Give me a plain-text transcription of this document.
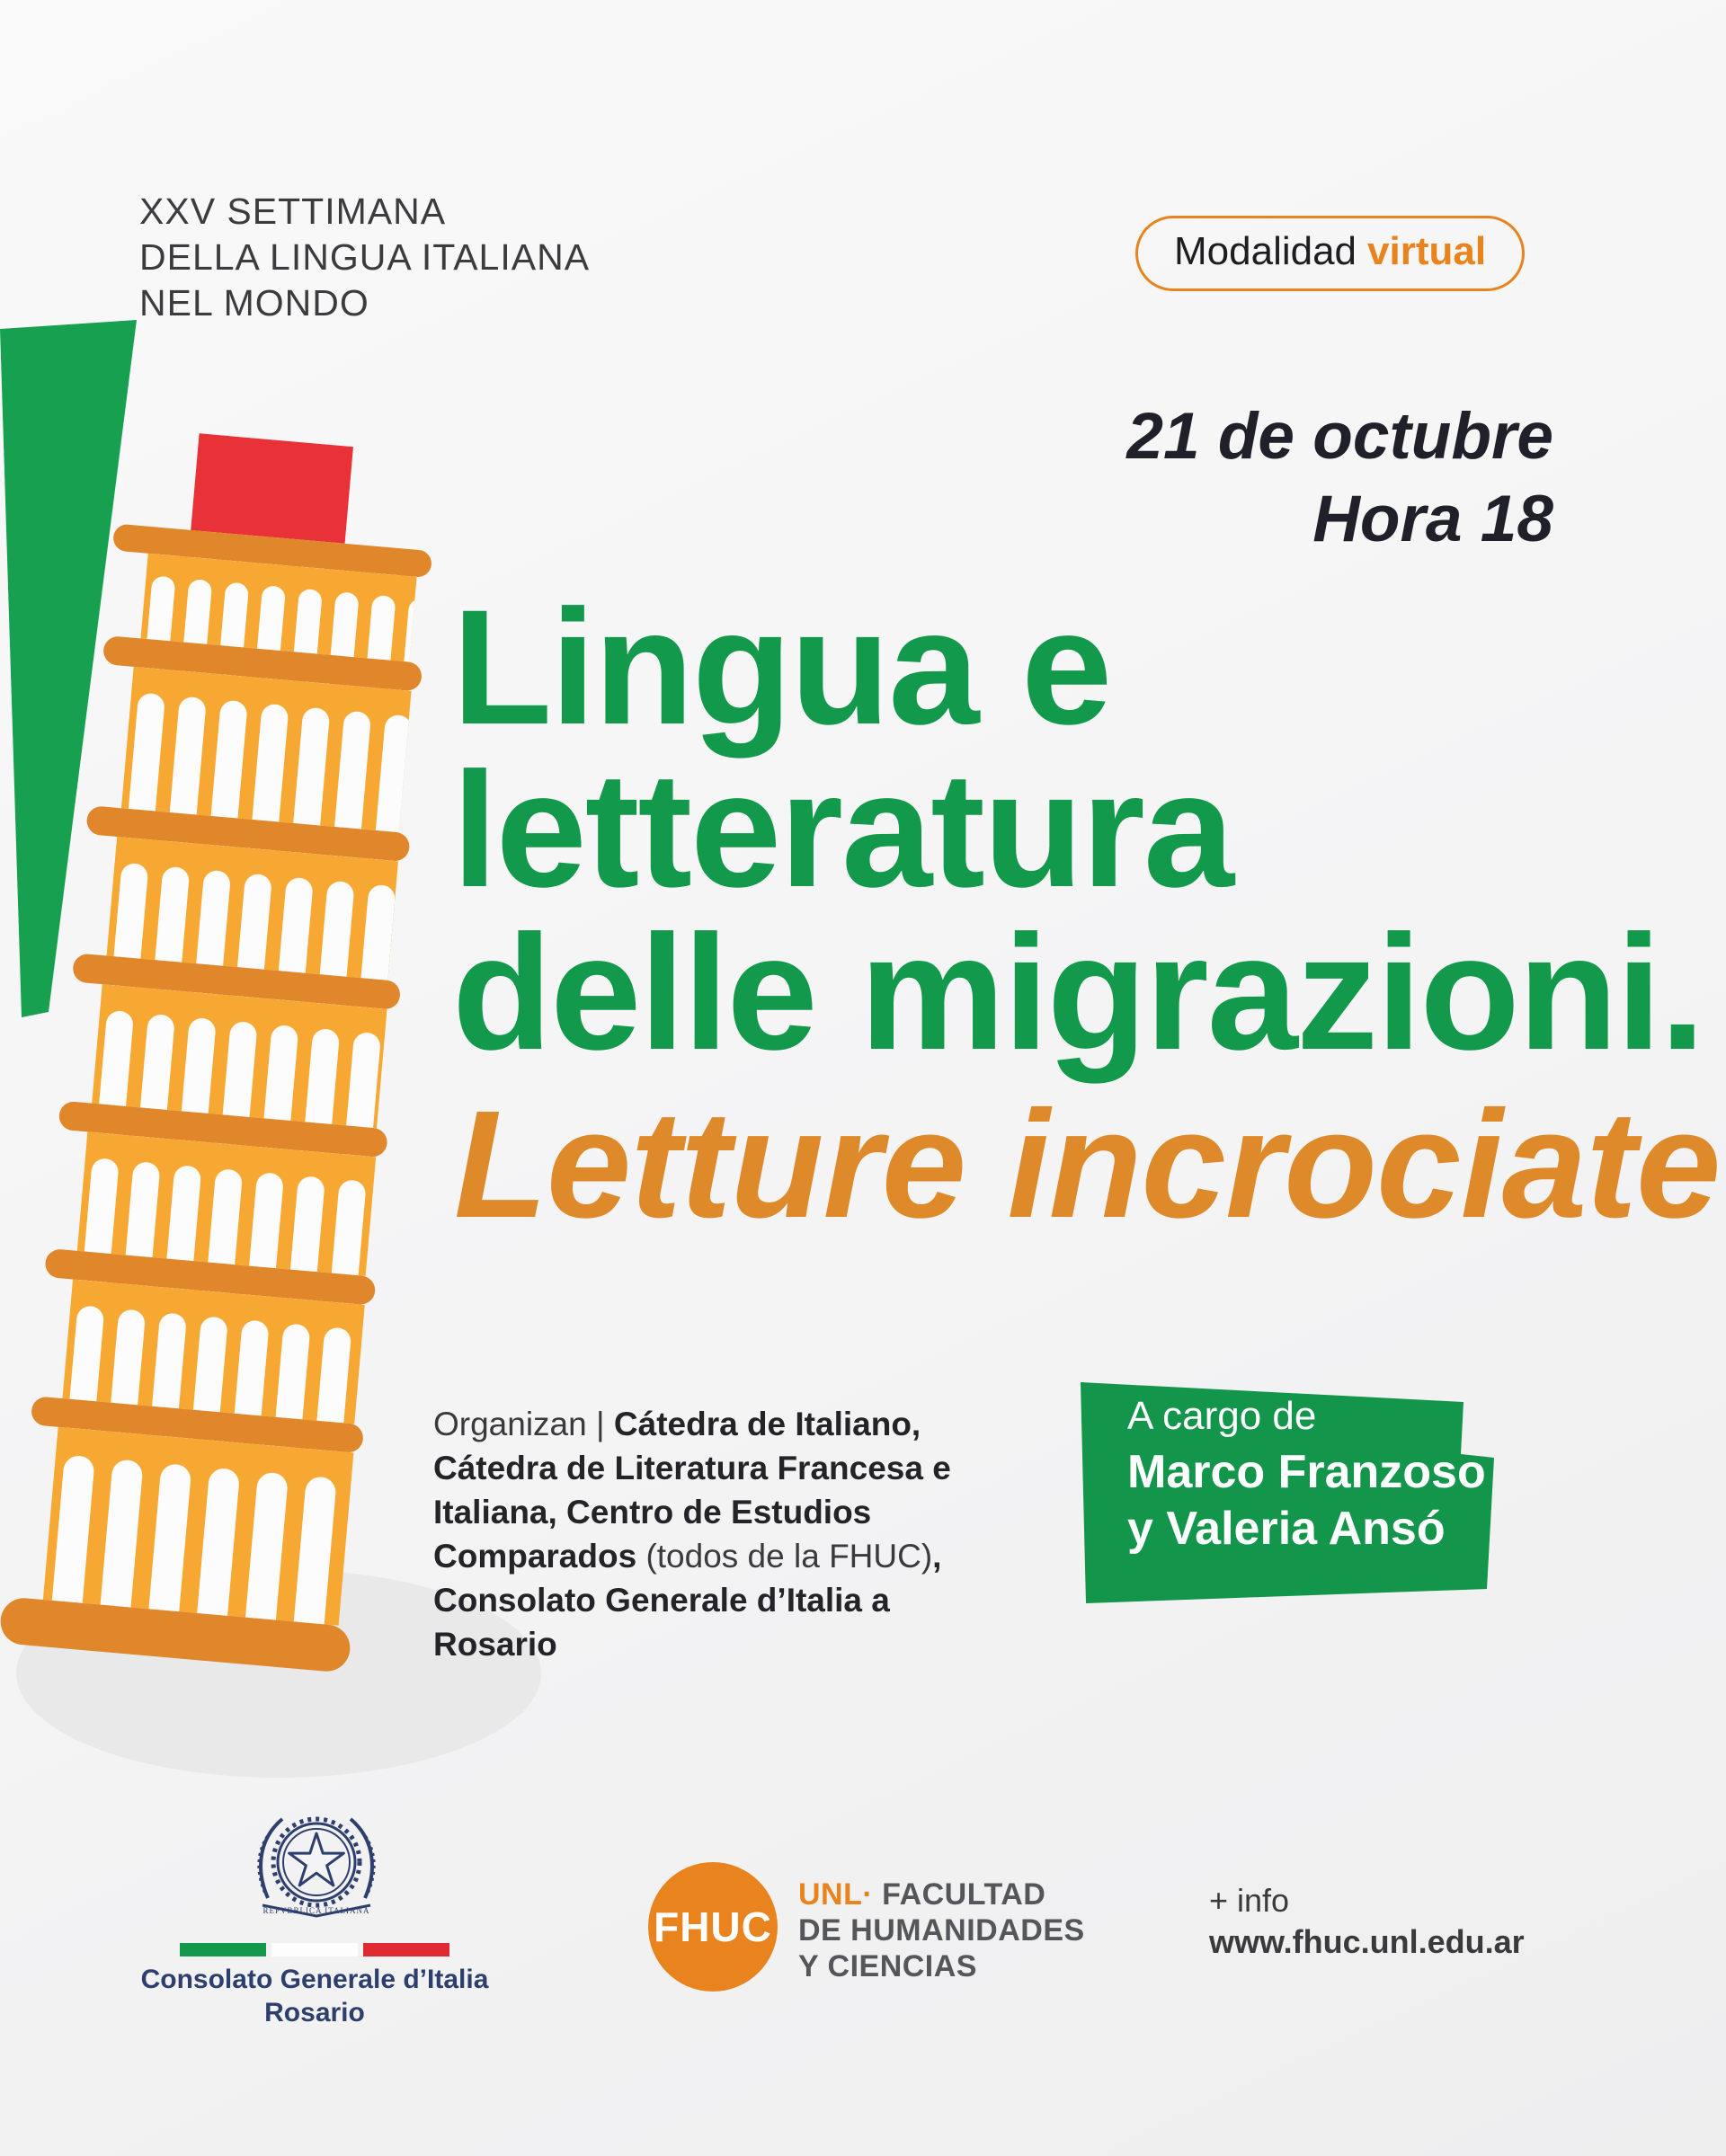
XXV SETTIMANA
DELLA LINGUA ITALIANA
NEL MONDO
Modalidad virtual
21 de octubre
Hora 18
Lingua e
letteratura
delle migrazioni.
Letture incrociate

Organizan | Cátedra de Italiano, Cátedra de Literatura Francesa e Italiana, Centro de Estudios Comparados (todos de la FHUC), Consolato Generale d’Italia a Rosario

A cargo de
Marco Franzoso
y Valeria Ansó
REPVBBLICA ITALIANA
Consolato Generale d’Italia
Rosario
FHUC
UNL· FACULTAD
DE HUMANIDADES
Y CIENCIAS
+ info
www.fhuc.unl.edu.ar
